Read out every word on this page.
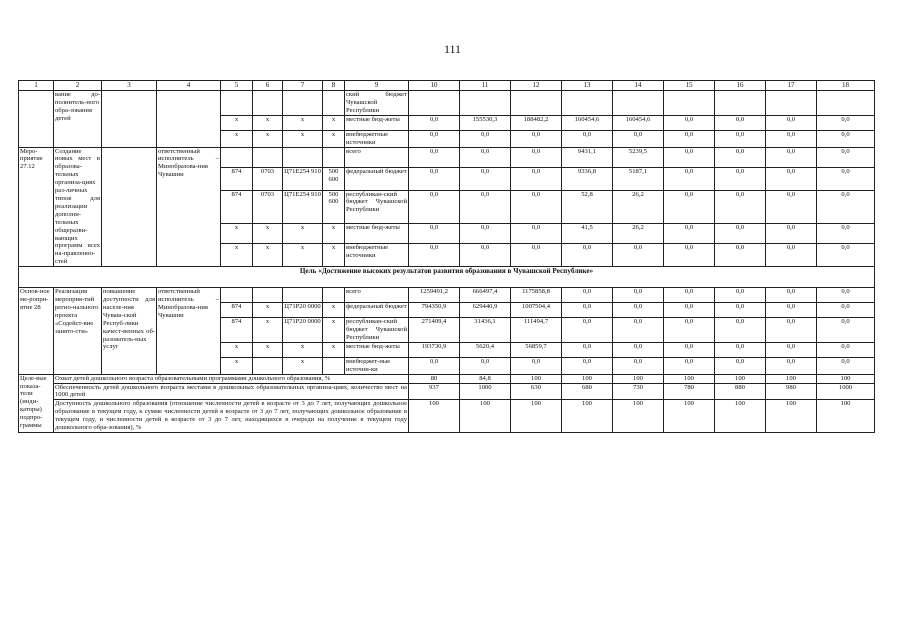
111
1	2	3	4	5	6	7	8	9	10	11	12	13	14	15	16	17	18
	вание до-полнитель-ного обра-зования детей							ский бюджет Чувашской Республики									
				x	x	x	x	местные бюд-жеты	0,0	155530,3	188482,2	160454,6	160454,6	0,0	0,0	0,0	0,0
				x	x	x	x	внебюджетные источники	0,0	0,0	0,0	0,0	0,0	0,0	0,0	0,0	0,0
Меро-приятие 27.12	Создание новых мест в образова-тельных организа-циях раз-личных типов для реализации дополни-тельных общеразви-вающих программ всех на-правленно-стей		ответственный исполнитель – Минобразова-ния Чувашии					всего	0,0	0,0	0,0	9431,1	5239,5	0,0	0,0	0,0	0,0
				874	0703	Ц71Е254 910	500 600	федеральный бюджет	0,0	0,0	0,0	9336,8	5187,1	0,0	0,0	0,0	0,0
				874	0703	Ц71Е254 910	500 600	республикан-ский бюджет Чувашской Республики	0,0	0,0	0,0	52,8	26,2	0,0	0,0	0,0	0,0
				x	x	x	x	местные бюд-жеты	0,0	0,0	0,0	41,5	26,2	0,0	0,0	0,0	0,0
				x	x	x	x	внебюджетные источники	0,0	0,0	0,0	0,0	0,0	0,0	0,0	0,0	0,0
Цель «Достижение высоких результатов развития образования в Чувашской Республике»																	
Основ-ное ме-ропри-ятие 28	Реализация мероприя-тий регио-нального проекта «Содейст-вие занято-сти»	повышение доступности для населе-ния Чуваш-ской Респуб-лики качест-венных об-разователь-ных услуг	ответственный исполнитель – Минобразова-ния Чувашии					всего	1259491,2	666497,4	1175858,8	0,0	0,0	0,0	0,0	0,0	0,0
				874	x	Ц71Р20 0000	x	федеральный бюджет	794350,9	629440,9	1007504,4	0,0	0,0	0,0	0,0	0,0	0,0
				874	x	Ц71Р20 0000	x	республикан-ский бюджет Чувашской Республики	271409,4	31436,1	111494,7	0,0	0,0	0,0	0,0	0,0	0,0
				x	x	x	x	местные бюд-жеты	193730,9	5620,4	56859,7	0,0	0,0	0,0	0,0	0,0	0,0
				x		x		внебюджет-ные источни-ки	0,0	0,0	0,0	0,0	0,0	0,0	0,0	0,0	0,0
Целе-вые показа-тели (инди-каторы) подпро-граммы	Охват детей дошкольного возраста образовательными программами дошкольного образования, %								80	84,8	100	100	100	100	100	100	100
	Обеспеченность детей дошкольного возраста местами в дошкольных образовательных организа-циях, количество мест на 1000 детей								937	1000	630	680	730	780	880	980	1000
	Доступность дошкольного образования (отношение численности детей в возрасте от 3 до 7 лет, получающих дошкольное образование в текущем году, к сумме численности детей в возрасте от 3 до 7 лет, получающих дошкольное образование в текущем году, и численности детей в возрасте от 3 до 7 лет, находящихся в очереди на получение в текущем году дошкольного обра-зования), %								100	100	100	100	100	100	100	100	100
